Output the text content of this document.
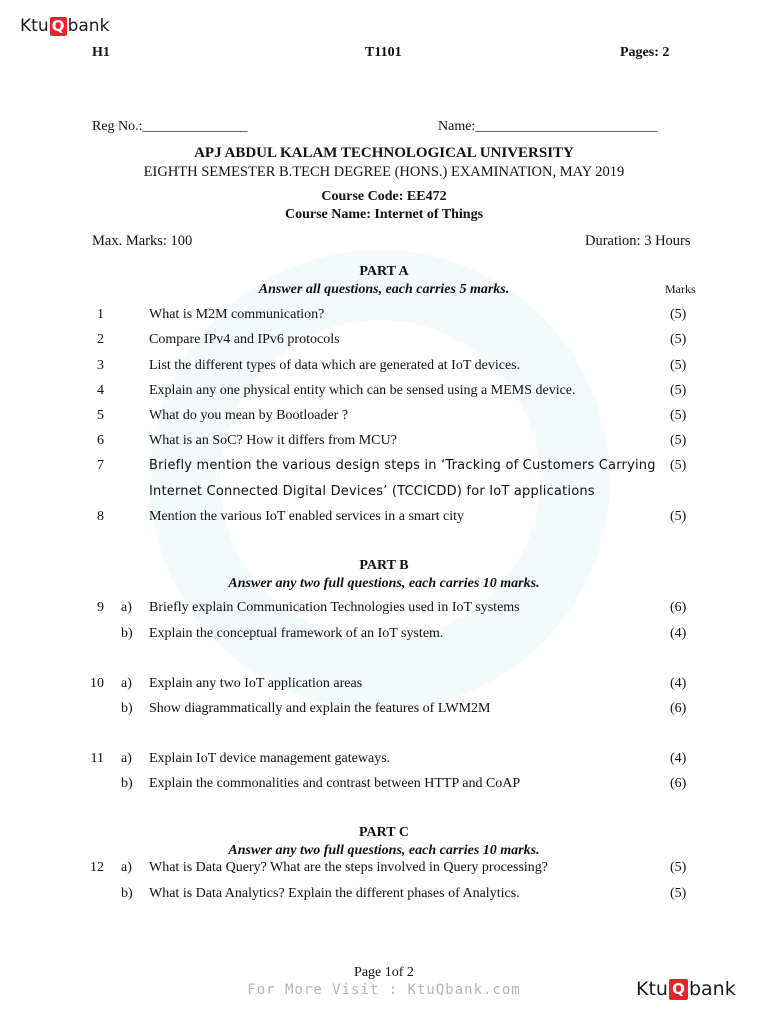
Ktu Q bank
H1	T1101	Pages: 2
Reg No.:_______________	Name:__________________________
APJ ABDUL KALAM TECHNOLOGICAL UNIVERSITY
EIGHTH SEMESTER B.TECH DEGREE (HONS.) EXAMINATION, MAY 2019
Course Code: EE472
Course Name: Internet of Things
Max. Marks: 100	Duration: 3 Hours
PART A
Answer all questions, each carries 5 marks.	Marks
1	What is M2M communication?	(5)
2	Compare IPv4 and IPv6 protocols	(5)
3	List the different types of data which are generated at IoT devices.	(5)
4	Explain any one physical entity which can be sensed using a MEMS device.	(5)
5	What do you mean by Bootloader ?	(5)
6	What is an SoC? How it differs from MCU?	(5)
7	Briefly mention the various design steps in ‘Tracking of Customers Carrying (5)
Internet Connected Digital Devices’ (TCCICDD) for IoT applications
8	Mention the various IoT enabled services in a smart city	(5)
PART B
Answer any two full questions, each carries 10 marks.
9 a) Briefly explain Communication Technologies used in IoT systems	(6)
b) Explain the conceptual framework of an IoT system.	(4)
10 a) Explain any two IoT application areas	(4)
b) Show diagrammatically and explain the features of LWM2M	(6)
11 a) Explain IoT device management gateways.	(4)
b) Explain the commonalities and contrast between HTTP and CoAP	(6)
PART C
Answer any two full questions, each carries 10 marks.
12 a) What is Data Query? What are the steps involved in Query processing?	(5)
b) What is Data Analytics? Explain the different phases of Analytics.	(5)
Page 1of 2
For More Visit : KtuQbank.com	Ktu Q bank
